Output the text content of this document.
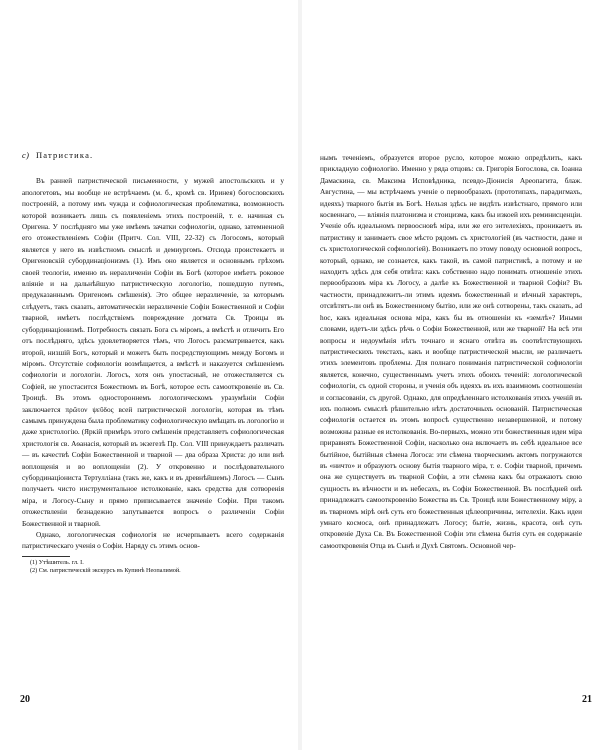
с) Патристика.

Въ ранней патристической письменности, у мужей апостольскихъ и у апологетовъ, мы вообще не встрѣчаемъ (м. б., кромѣ св. Иринея) богословскихъ построеній, а потому имъ чужда и софиологическая проблематика, возможность которой возникаетъ лишь съ появленіемъ этихъ построеній, т. е. начиная съ Оригена. У послѣдняго мы уже имѣемъ зачатки софиологіи, однако, затемненной его отожествленіемъ Софіи (Притч. Сол. VIII, 22-32) съ Логосомъ, который является у него въ извѣстномъ смыслѣ и демиургомъ. Отсюда проистекаетъ и Оригеновскій субординаціонизмъ (1). Имъ оно является и основнымъ грѣхомъ своей теологіи, именно въ неразличеніи Софіи въ Богѣ (которое имѣетъ роковое вліяніе и на дальнѣйшую патристическую логологію, пошедшую путемъ, предуказаннымъ Оригеномъ смѣшенія). Это общее неразличеніе, за которымъ слѣдуетъ, такъ сказать, автоматическіи неразличеніе Софіи Божественной и Софіи тварной, имѣетъ послѣдствіемъ повреждение догмата Св. Троицы въ субординаціонизмѣ. Потребность связать Бога съ міромъ, а вмѣстѣ и отличить Его отъ послѣдняго, здѣсь удовлетворяется тѣмъ, что Логосъ разсматривается, какъ второй, низшій Богъ, который и можетъ быть посредствующимъ между Богомъ и міромъ. Отсутствіе софиологіи возмѣщается, а вмѣстѣ и наказуется смѣшеніемъ софиологіи и логологіи. Логосъ, хотя онъ упостасный, не отожествляется съ Софіей, не упостасится Божествомъ въ Богѣ, которое есть самооткровеніе въ Св. Троицѣ. Въ этомъ одностороннемъ логологическомъ уразумѣніи Софіи заключается πρῶτον ψεῦδος всей патристической логологіи, которая въ тѣмъ самымъ принуждена была проблематику софиологическую вмѣщать въ логологію и даже христологію. (Яркій примѣръ этого смѣшенія представляетъ софиологическая христологія св. Аѳанасія, который въ экзегезѣ Пр. Сол. VIII принуждаетъ различать — въ качествѣ Софіи Божественной и тварной — два образа Христа: до или внѣ воплощенія и во воплощеніи (2). У откровенно и послѣдовательного субординаціониста Тертулліана (такъ же, какъ и въ древнѣйшемъ) Логосъ — Сынъ получаетъ чисто инструментальное истолкованіе, какъ средства для сотворенія міра, и Логосу-Сыну и прямо приписывается значеніе Софіи. При такомъ отожествленіи безнадежно запутывается вопросъ о различеніи Софіи Божественной и тварной.

Однако, логологическая софиологія не исчерпываетъ всего содержанія патристическаго ученія о Софіи. Наряду съ этимъ основ-

(1) Утѣшитель. гл. I.
(2) См. патристическій экскурсъ въ Купинѣ Неопалимой.
20

нымъ теченіемъ, образуется второе русло, которое можно опредѣлить, какъ прикладную софиологію. Именно у ряда отцовъ: св. Григорія Богослова, св. Іоанна Дамаскина, св. Максима Исповѣдника, псевдо-Діонисія Ареопагита, блаж. Августина, — мы встрѣчаемъ ученіе о первообразахъ (прототипахъ, парадигмахъ, идеяхъ) тварного бытія въ Богѣ. Нельзя здѣсь не видѣть извѣстнаго, прямого или косвеннаго, — вліянія платонизма и стоицизма, какъ бы изкоей ихъ реминисценціи. Ученіе объ идеальномъ первоосновѣ міра, или же его энтелехіяхъ, проникаетъ въ патристику и занимаетъ свое мѣсто рядомъ съ христологіей (въ частности, даже и съ христологической софиологіей). Возникаетъ по этому поводу основной вопросъ, который, однако, не сознается, какъ такой, въ самой патристикѣ, а потому и не находитъ здѣсь для себя отвѣта: какъ собственно надо понимать отношеніе этихъ первообразовъ міра къ Логосу, а далѣе къ Божественной и тварной Софіи? Въ частности, принадлежитъ-ли этимъ идеямъ божественный и вѣчный характеръ, отсвѣтятъ-ли онѣ въ Божественному бытію, или же онѣ сотворены, такъ сказать, ad hoc, какъ идеальная основа міра, какъ бы въ отношеніи къ «землѣ»? Иными словами, идетъ-ли здѣсь рѣчь о Софіи Божественной, или же тварной? На всѣ эти вопросы и недоумѣнія нѣтъ точнаго и яснаго отвѣта въ соотвѣтствующихъ патристическихъ текстахъ, какъ и вообще патристической мысли, не различаетъ этихъ элементовъ проблемы. Для полнаго пониманія патристической софиологіи является, конечно, существеннымъ учетъ этихъ обоихъ теченій: логологической софиологіи, съ одной стороны, и ученія объ идеяхъ въ ихъ взаимномъ соотношеніи и согласованіи, съ другой. Однако, для опредѣленнаго истолкованія этихъ ученій въ ихъ полномъ смыслѣ рѣшительно нѣтъ достаточныхъ основаній. Патристическая софиологія остается въ этомъ вопросѣ существенно незавершенной, и потому возможны разные ея истолкованія. Во-первыхъ, можно эти божественныя идеи міра приравнять Божественной Софіи, насколько она включаетъ въ себѣ идеальное все бытійное, бытійныя сѣмена Логоса: эти сѣмена творческимъ актомъ погружаются въ «ничто» и образуютъ основу бытія тварного міра, т. е. Софіи тварной, причемъ она же существуетъ въ тварной Софіи, а эти сѣмена какъ бы отражаютъ свою сущность въ вѣчности и въ небесахъ, въ Софіи Божественной. Въ послѣдней онѣ принадлежатъ самооткровенію Божества въ Св. Троицѣ или Божественному міру, а въ тварномъ мірѣ онѣ суть его божественныя цѣлеопричины, энтелехіи. Какъ идеи умнаго космоса, онѣ принадлежатъ Логосу; бытіе, жизнь, красота, онѣ суть откровеніе Духа Св. Въ Божественной Софіи эти сѣмена бытія суть ея содержаніе самооткровенія Отца въ Сынѣ и Духѣ Святомъ. Основной чер-

21
